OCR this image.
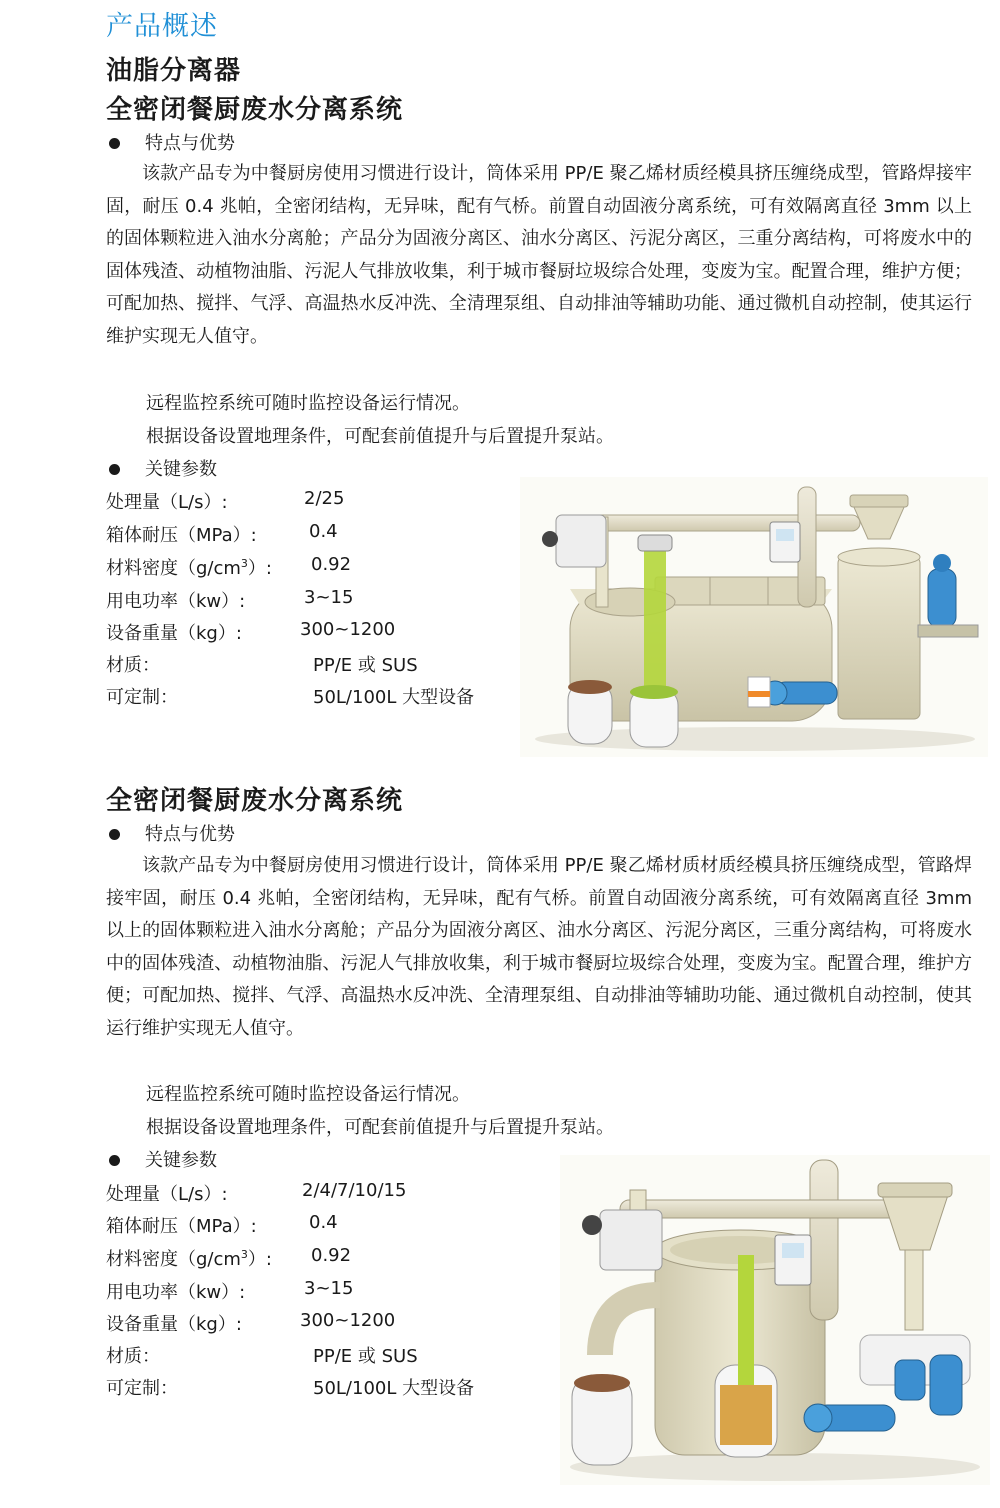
产品概述
油脂分离器
全密闭餐厨废水分离系统
特点与优势
该款产品专为中餐厨房使用习惯进行设计，筒体采用 PP/E 聚乙烯材质经模具挤压缠绕成型，管路焊接牢固，耐压 0.4 兆帕，全密闭结构，无异味，配有气桥。前置自动固液分离系统，可有效隔离直径 3mm 以上的固体颗粒进入油水分离舱；产品分为固液分离区、油水分离区、污泥分离区，三重分离结构，可将废水中的固体残渣、动植物油脂、污泥人气排放收集，利于城市餐厨垃圾综合处理，变废为宝。配置合理，维护方便；可配加热、搅拌、气浮、高温热水反冲洗、全清理泵组、自动排油等辅助功能、通过微机自动控制，使其运行维护实现无人值守。
远程监控系统可随时监控设备运行情况。
根据设备设置地理条件，可配套前值提升与后置提升泵站。
关键参数
处理量（L/s）:	2/25
箱体耐压（MPa）:	0.4
材料密度$(g/cm^3)$: 0.92
用电功率（kw）:	3~15
设备重量（kg）:	300~1200
材质：	PP/E 或 SUS
可定制：	50L/100L 大型设备
全密闭餐厨废水分离系统
特点与优势
该款产品专为中餐厨房使用习惯进行设计，筒体采用 PP/E 聚乙烯材质材质经模具挤压缠绕成型，管路焊接牢固，耐压 0.4 兆帕，全密闭结构，无异味，配有气桥。前置自动固液分离系统，可有效隔离直径 3mm 以上的固体颗粒进入油水分离舱；产品分为固液分离区、油水分离区、污泥分离区，三重分离结构，可将废水中的固体残渣、动植物油脂、污泥人气排放收集，利于城市餐厨垃圾综合处理，变废为宝。配置合理，维护方便；可配加热、搅拌、气浮、高温热水反冲洗、全清理泵组、自动排油等辅助功能、通过微机自动控制，使其运行维护实现无人值守。
远程监控系统可随时监控设备运行情况。
根据设备设置地理条件，可配套前值提升与后置提升泵站。
关键参数
处理量（L/s）:	2/4/7/10/15
箱体耐压（MPa）:	0.4
材料密度$(g/cm^3)$: 0.92
用电功率（kw）:	3~15
设备重量（kg）:	300~1200
材质：	PP/E 或 SUS
可定制：	50L/100L 大型设备
